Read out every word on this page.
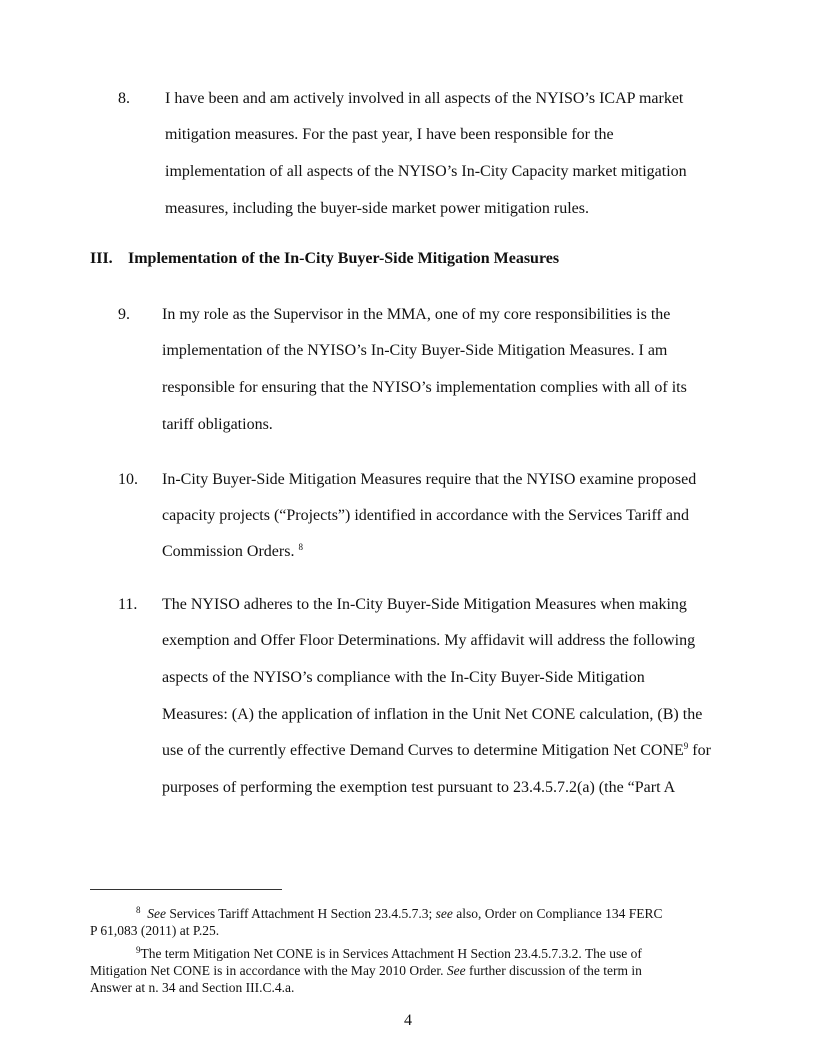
8. I have been and am actively involved in all aspects of the NYISO’s ICAP market
mitigation measures. For the past year, I have been responsible for the
implementation of all aspects of the NYISO’s In-City Capacity market mitigation
measures, including the buyer-side market power mitigation rules.
III. Implementation of the In-City Buyer-Side Mitigation Measures
9. In my role as the Supervisor in the MMA, one of my core responsibilities is the
implementation of the NYISO’s In-City Buyer-Side Mitigation Measures. I am
responsible for ensuring that the NYISO’s implementation complies with all of its
tariff obligations.
10. In-City Buyer-Side Mitigation Measures require that the NYISO examine proposed
capacity projects (“Projects”) identified in accordance with the Services Tariff and
Commission Orders. $^8$
11. The NYISO adheres to the In-City Buyer-Side Mitigation Measures when making
exemption and Offer Floor Determinations. My affidavit will address the following
aspects of the NYISO’s compliance with the In-City Buyer-Side Mitigation
Measures: (A) the application of inflation in the Unit Net CONE calculation, (B) the
use of the currently effective Demand Curves to determine Mitigation Net CONE$^9$ for
purposes of performing the exemption test pursuant to 23.4.5.7.2(a) (the “Part A
$^8$ See Services Tariff Attachment H Section 23.4.5.7.3; see also, Order on Compliance 134 FERC
P 61,083 (2011) at P.25.
$^9$The term Mitigation Net CONE is in Services Attachment H Section 23.4.5.7.3.2. The use of
Mitigation Net CONE is in accordance with the May 2010 Order. See further discussion of the term in
Answer at n. 34 and Section III.C.4.a.
4
